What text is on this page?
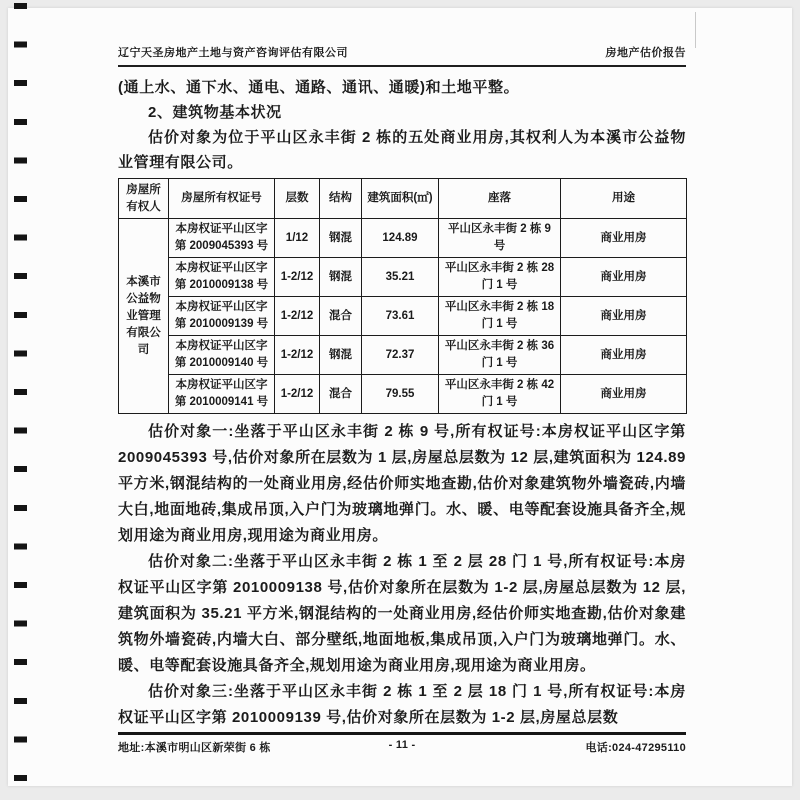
辽宁天圣房地产土地与资产咨询评估有限公司	房地产估价报告

(通上水、通下水、通电、通路、通讯、通暖)和土地平整。

2、建筑物基本状况

估价对象为位于平山区永丰街 2 栋的五处商业用房,其权利人为本溪市公益物业管理有限公司。

房屋所有权人	房屋所有权证号	层数	结构	建筑面积(㎡)	座落	用途
本溪市公益物业管理有限公司	本房权证平山区字第 2009045393 号	1/12	钢混	124.89	平山区永丰街 2 栋 9 号	商业用房
	本房权证平山区字第 2010009138 号	1-2/12	钢混	35.21	平山区永丰街 2 栋 28 门 1 号	商业用房
	本房权证平山区字第 2010009139 号	1-2/12	混合	73.61	平山区永丰街 2 栋 18 门 1 号	商业用房
	本房权证平山区字第 2010009140 号	1-2/12	钢混	72.37	平山区永丰街 2 栋 36 门 1 号	商业用房
	本房权证平山区字第 2010009141 号	1-2/12	混合	79.55	平山区永丰街 2 栋 42 门 1 号	商业用房

估价对象一:坐落于平山区永丰街 2 栋 9 号,所有权证号:本房权证平山区字第 2009045393 号,估价对象所在层数为 1 层,房屋总层数为 12 层,建筑面积为 124.89 平方米,钢混结构的一处商业用房,经估价师实地查勘,估价对象建筑物外墙瓷砖,内墙大白,地面地砖,集成吊顶,入户门为玻璃地弹门。水、暖、电等配套设施具备齐全,规划用途为商业用房,现用途为商业用房。

估价对象二:坐落于平山区永丰街 2 栋 1 至 2 层 28 门 1 号,所有权证号:本房权证平山区字第 2010009138 号,估价对象所在层数为 1-2 层,房屋总层数为 12 层,建筑面积为 35.21 平方米,钢混结构的一处商业用房,经估价师实地查勘,估价对象建筑物外墙瓷砖,内墙大白、部分壁纸,地面地板,集成吊顶,入户门为玻璃地弹门。水、暖、电等配套设施具备齐全,规划用途为商业用房,现用途为商业用房。

估价对象三:坐落于平山区永丰街 2 栋 1 至 2 层 18 门 1 号,所有权证号:本房权证平山区字第 2010009139 号,估价对象所在层数为 1-2 层,房屋总层数

地址:本溪市明山区新荣街 6 栋	- 11 -	电话:024-47295110
